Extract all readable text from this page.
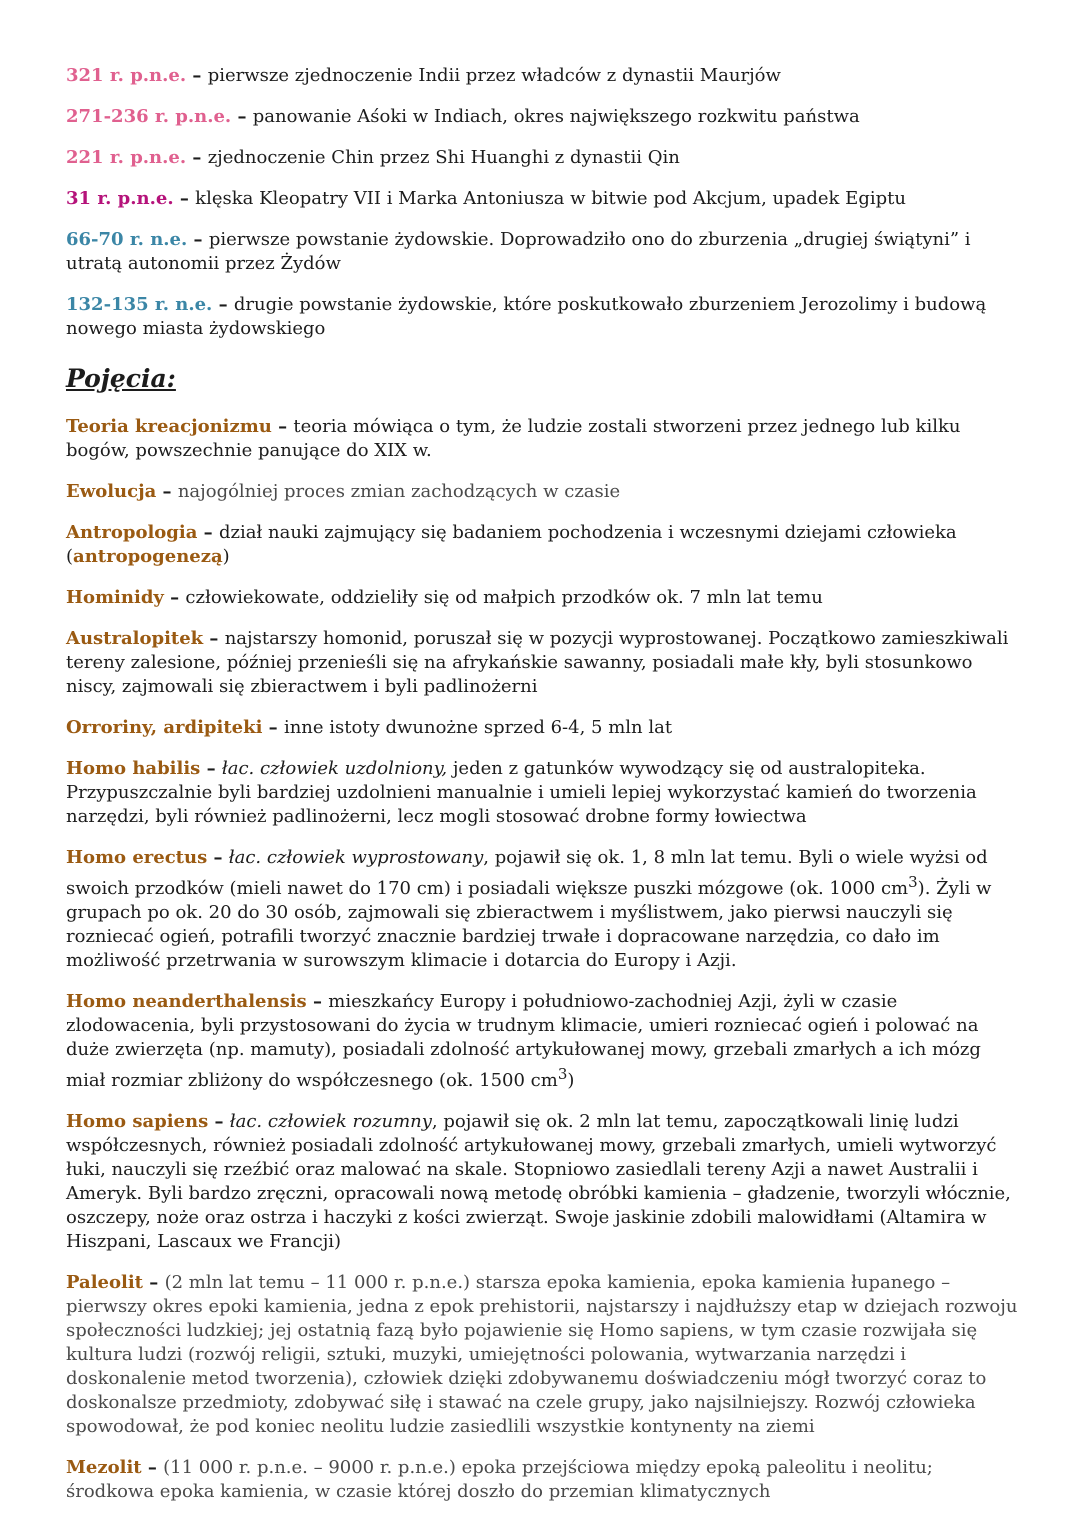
321 r. p.n.e. – pierwsze zjednoczenie Indii przez władców z dynastii Maurjów

271-236 r. p.n.e. – panowanie Aśoki w Indiach, okres największego rozkwitu państwa

221 r. p.n.e. – zjednoczenie Chin przez Shi Huanghi z dynastii Qin

31 r. p.n.e. – klęska Kleopatry VII i Marka Antoniusza w bitwie pod Akcjum, upadek Egiptu

66-70 r. n.e. – pierwsze powstanie żydowskie. Doprowadziło ono do zburzenia „drugiej świątyni” i utratą autonomii przez Żydów

132-135 r. n.e. – drugie powstanie żydowskie, które poskutkowało zburzeniem Jerozolimy i budową nowego miasta żydowskiego

Pojęcia:

Teoria kreacjonizmu – teoria mówiąca o tym, że ludzie zostali stworzeni przez jednego lub kilku bogów, powszechnie panujące do XIX w.

Ewolucja – najogólniej proces zmian zachodzących w czasie

Antropologia – dział nauki zajmujący się badaniem pochodzenia i wczesnymi dziejami człowieka (antropogenezą)

Hominidy – człowiekowate, oddzieliły się od małpich przodków ok. 7 mln lat temu

Australopitek – najstarszy homonid, poruszał się w pozycji wyprostowanej. Początkowo zamieszkiwali tereny zalesione, później przenieśli się na afrykańskie sawanny, posiadali małe kły, byli stosunkowo niscy, zajmowali się zbieractwem i byli padlinożerni

Orroriny, ardipiteki – inne istoty dwunożne sprzed 6-4, 5 mln lat

Homo habilis – łac. człowiek uzdolniony, jeden z gatunków wywodzący się od australopiteka. Przypuszczalnie byli bardziej uzdolnieni manualnie i umieli lepiej wykorzystać kamień do tworzenia narzędzi, byli również padlinożerni, lecz mogli stosować drobne formy łowiectwa

Homo erectus – łac. człowiek wyprostowany, pojawił się ok. 1, 8 mln lat temu. Byli o wiele wyżsi od swoich przodków (mieli nawet do 170 cm) i posiadali większe puszki mózgowe (ok. 1000 $cm^3$). Żyli w grupach po ok. 20 do 30 osób, zajmowali się zbieractwem i myślistwem, jako pierwsi nauczyli się rozniecać ogień, potrafili tworzyć znacznie bardziej trwałe i dopracowane narzędzia, co dało im możliwość przetrwania w surowszym klimacie i dotarcia do Europy i Azji.

Homo neanderthalensis – mieszkańcy Europy i południowo-zachodniej Azji, żyli w czasie zlodowacenia, byli przystosowani do życia w trudnym klimacie, umieri rozniecać ogień i polować na duże zwierzęta (np. mamuty), posiadali zdolność artykułowanej mowy, grzebali zmarłych a ich mózg miał rozmiar zbliżony do współczesnego (ok. 1500 $cm^3$)

Homo sapiens – łac. człowiek rozumny, pojawił się ok. 2 mln lat temu, zapoczątkowali linię ludzi współczesnych, również posiadali zdolność artykułowanej mowy, grzebali zmarłych, umieli wytworzyć łuki, nauczyli się rzeźbić oraz malować na skale. Stopniowo zasiedlali tereny Azji a nawet Australii i Ameryk. Byli bardzo zręczni, opracowali nową metodę obróbki kamienia – gładzenie, tworzyli włócznie, oszczepy, noże oraz ostrza i haczyki z kości zwierząt. Swoje jaskinie zdobili malowidłami (Altamira w Hiszpani, Lascaux we Francji)

Paleolit – (2 mln lat temu – 11 000 r. p.n.e.) starsza epoka kamienia, epoka kamienia łupanego – pierwszy okres epoki kamienia, jedna z epok prehistorii, najstarszy i najdłuższy etap w dziejach rozwoju społeczności ludzkiej; jej ostatnią fazą było pojawienie się Homo sapiens, w tym czasie rozwijała się kultura ludzi (rozwój religii, sztuki, muzyki, umiejętności polowania, wytwarzania narzędzi i doskonalenie metod tworzenia), człowiek dzięki zdobywanemu doświadczeniu mógł tworzyć coraz to doskonalsze przedmioty, zdobywać siłę i stawać na czele grupy, jako najsilniejszy. Rozwój człowieka spowodował, że pod koniec neolitu ludzie zasiedlili wszystkie kontynenty na ziemi

Mezolit – (11 000 r. p.n.e. – 9000 r. p.n.e.) epoka przejściowa między epoką paleolitu i neolitu; środkowa epoka kamienia, w czasie której doszło do przemian klimatycznych
